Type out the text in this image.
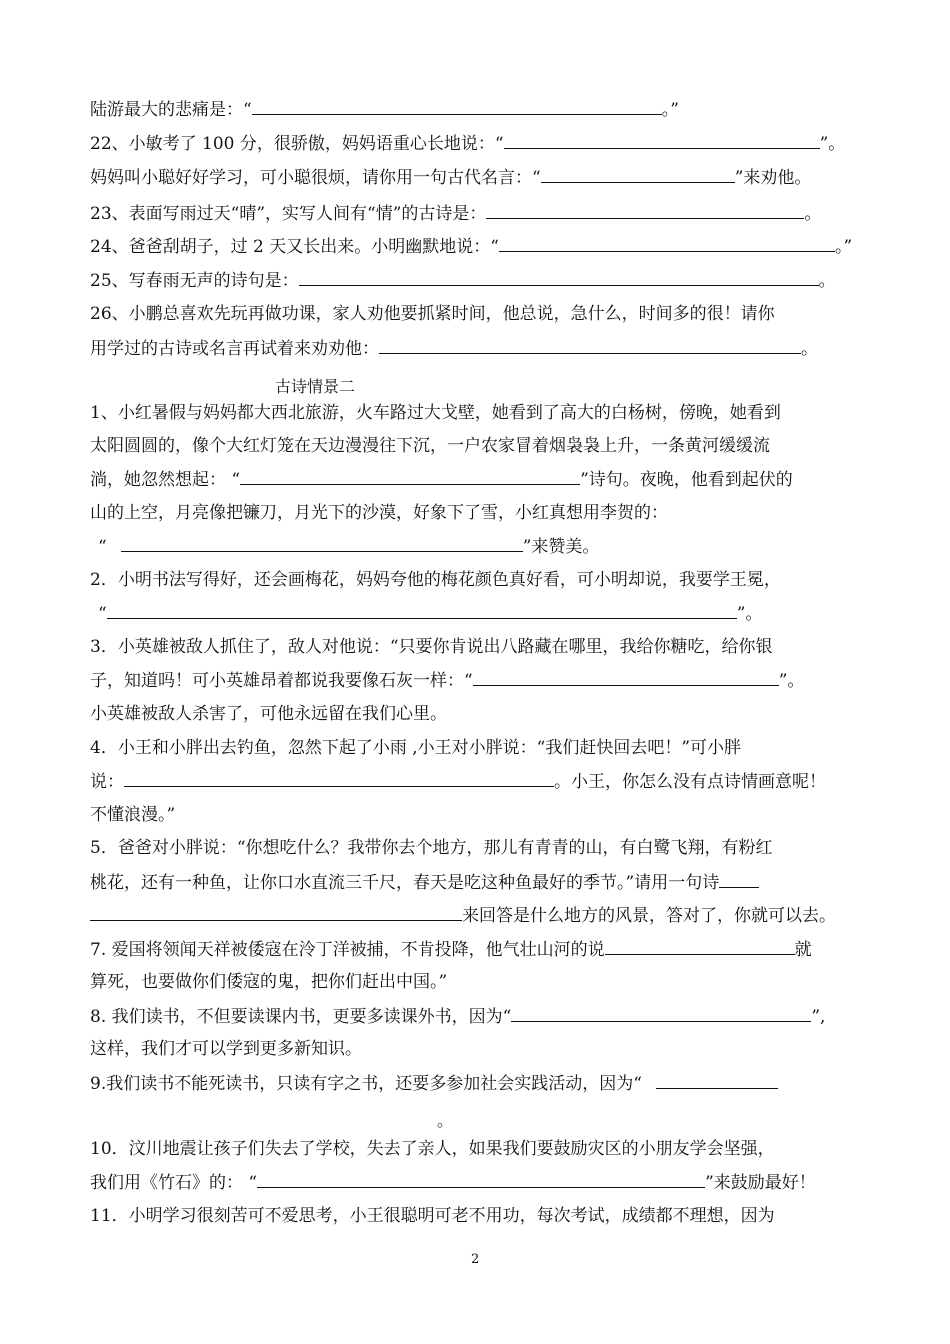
陆游最大的悲痛是：“	。”
22、小敏考了 100 分，很骄傲，妈妈语重心长地说：“	”。
妈妈叫小聪好好学习，可小聪很烦，请你用一句古代名言：“	”来劝他。
23、表面写雨过天“晴”，实写人间有“情”的古诗是：	。
24、爸爸刮胡子，过 2 天又长出来。小明幽默地说：“	。”
25、写春雨无声的诗句是：	。
26、小鹏总喜欢先玩再做功课，家人劝他要抓紧时间，他总说，急什么，时间多的很！请你
用学过的古诗或名言再试着来劝劝他：	。
古诗情景二
1、小红暑假与妈妈都大西北旅游，火车路过大戈壁，她看到了高大的白杨树，傍晚，她看到
太阳圆圆的，像个大红灯笼在天边漫漫往下沉，一户农家冒着烟袅袅上升，一条黄河缓缓流
淌，她忽然想起： “	”诗句。夜晚，他看到起伏的
山的上空，月亮像把镰刀，月光下的沙漠，好象下了雪，小红真想用李贺的：
“	”来赞美。
2．小明书法写得好，还会画梅花，妈妈夸他的梅花颜色真好看，可小明却说，我要学王冕，
“	”。
3．小英雄被敌人抓住了，敌人对他说：“只要你肯说出八路藏在哪里，我给你糖吃，给你银
子，知道吗！可小英雄昂着都说我要像石灰一样：“	”。
小英雄被敌人杀害了，可他永远留在我们心里。
4．小王和小胖出去钓鱼，忽然下起了小雨 ,小王对小胖说：“我们赶快回去吧！”可小胖
说：	。小王，你怎么没有点诗情画意呢！
不懂浪漫。”
5．爸爸对小胖说：“你想吃什么？我带你去个地方，那儿有青青的山，有白鹭飞翔，有粉红
桃花，还有一种鱼，让你口水直流三千尺，春天是吃这种鱼最好的季节。”请用一句诗
来回答是什么地方的风景，答对了，你就可以去。
7. 爱国将领闻天祥被倭寇在泠丁洋被捕，不肯投降，他气壮山河的说	就
算死，也要做你们倭寇的鬼，把你们赶出中国。”
8. 我们读书，不但要读课内书，更要多读课外书，因为“	”,
这样，我们才可以学到更多新知识。
9.我们读书不能死读书，只读有字之书，还要多参加社会实践活动，因为“
。
10．汶川地震让孩子们失去了学校，失去了亲人，如果我们要鼓励灾区的小朋友学会坚强，
我们用《竹石》的： “	”来鼓励最好！
11．小明学习很刻苦可不爱思考，小王很聪明可老不用功，每次考试，成绩都不理想，因为
2
